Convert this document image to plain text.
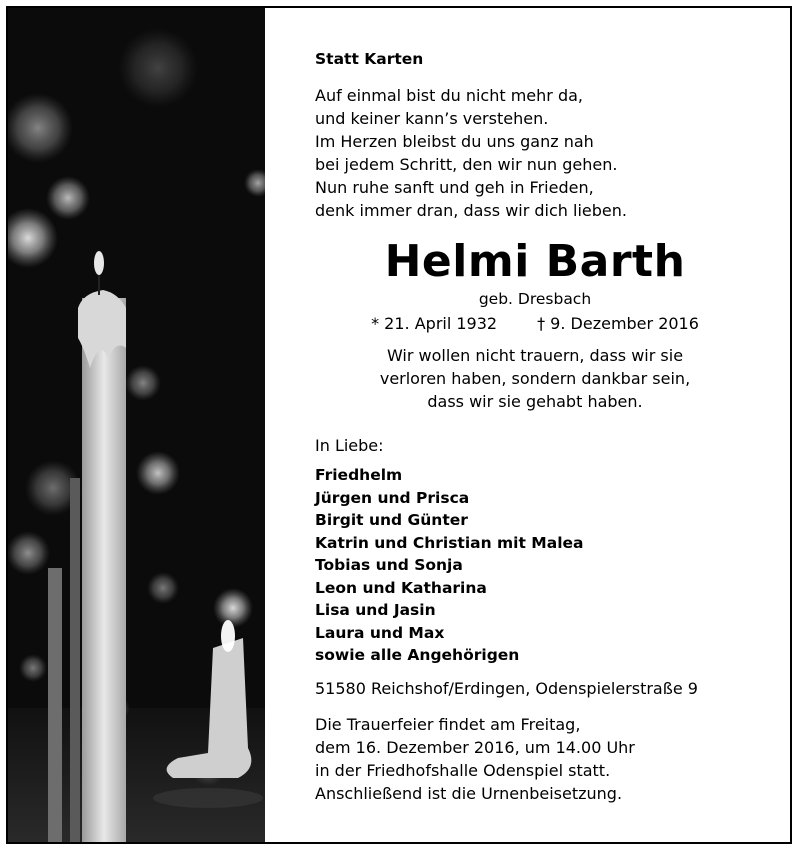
Statt Karten
Auf einmal bist du nicht mehr da,
und keiner kann’s verstehen.
Im Herzen bleibst du uns ganz nah
bei jedem Schritt, den wir nun gehen.
Nun ruhe sanft und geh in Frieden,
denk immer dran, dass wir dich lieben.
Helmi Barth
geb. Dresbach
* 21. April 1932	† 9. Dezember 2016
Wir wollen nicht trauern, dass wir sie
verloren haben, sondern dankbar sein,
dass wir sie gehabt haben.
In Liebe:
Friedhelm
Jürgen und Prisca
Birgit und Günter
Katrin und Christian mit Malea
Tobias und Sonja
Leon und Katharina
Lisa und Jasin
Laura und Max
sowie alle Angehörigen
51580 Reichshof/Erdingen, Odenspielerstraße 9
Die Trauerfeier findet am Freitag,
dem 16. Dezember 2016, um 14.00 Uhr
in der Friedhofshalle Odenspiel statt.
Anschließend ist die Urnenbeisetzung.
